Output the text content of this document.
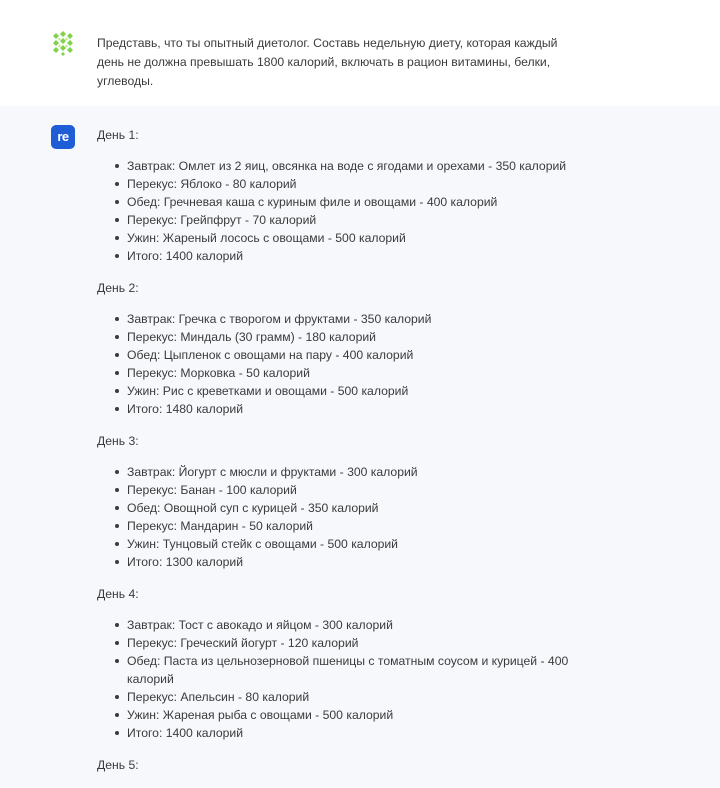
Представь, что ты опытный диетолог. Составь недельную диету, которая каждый день не должна превышать 1800 калорий, включать в рацион витамины, белки, углеводы.
re	День 1:

Завтрак: Омлет из 2 яиц, овсянка на воде с ягодами и орехами - 350 калорий
Перекус: Яблоко - 80 калорий
Обед: Гречневая каша с куриным филе и овощами - 400 калорий
Перекус: Грейпфрут - 70 калорий
Ужин: Жареный лосось с овощами - 500 калорий
Итого: 1400 калорий

День 2:

Завтрак: Гречка с творогом и фруктами - 350 калорий
Перекус: Миндаль (30 грамм) - 180 калорий
Обед: Цыпленок с овощами на пару - 400 калорий
Перекус: Морковка - 50 калорий
Ужин: Рис с креветками и овощами - 500 калорий
Итого: 1480 калорий

День 3:

Завтрак: Йогурт с мюсли и фруктами - 300 калорий
Перекус: Банан - 100 калорий
Обед: Овощной суп с курицей - 350 калорий
Перекус: Мандарин - 50 калорий
Ужин: Тунцовый стейк с овощами - 500 калорий
Итого: 1300 калорий

День 4:

Завтрак: Тост с авокадо и яйцом - 300 калорий
Перекус: Греческий йогурт - 120 калорий
Обед: Паста из цельнозерновой пшеницы с томатным соусом и курицей - 400 калорий
Перекус: Апельсин - 80 калорий
Ужин: Жареная рыба с овощами - 500 калорий
Итого: 1400 калорий

День 5:
